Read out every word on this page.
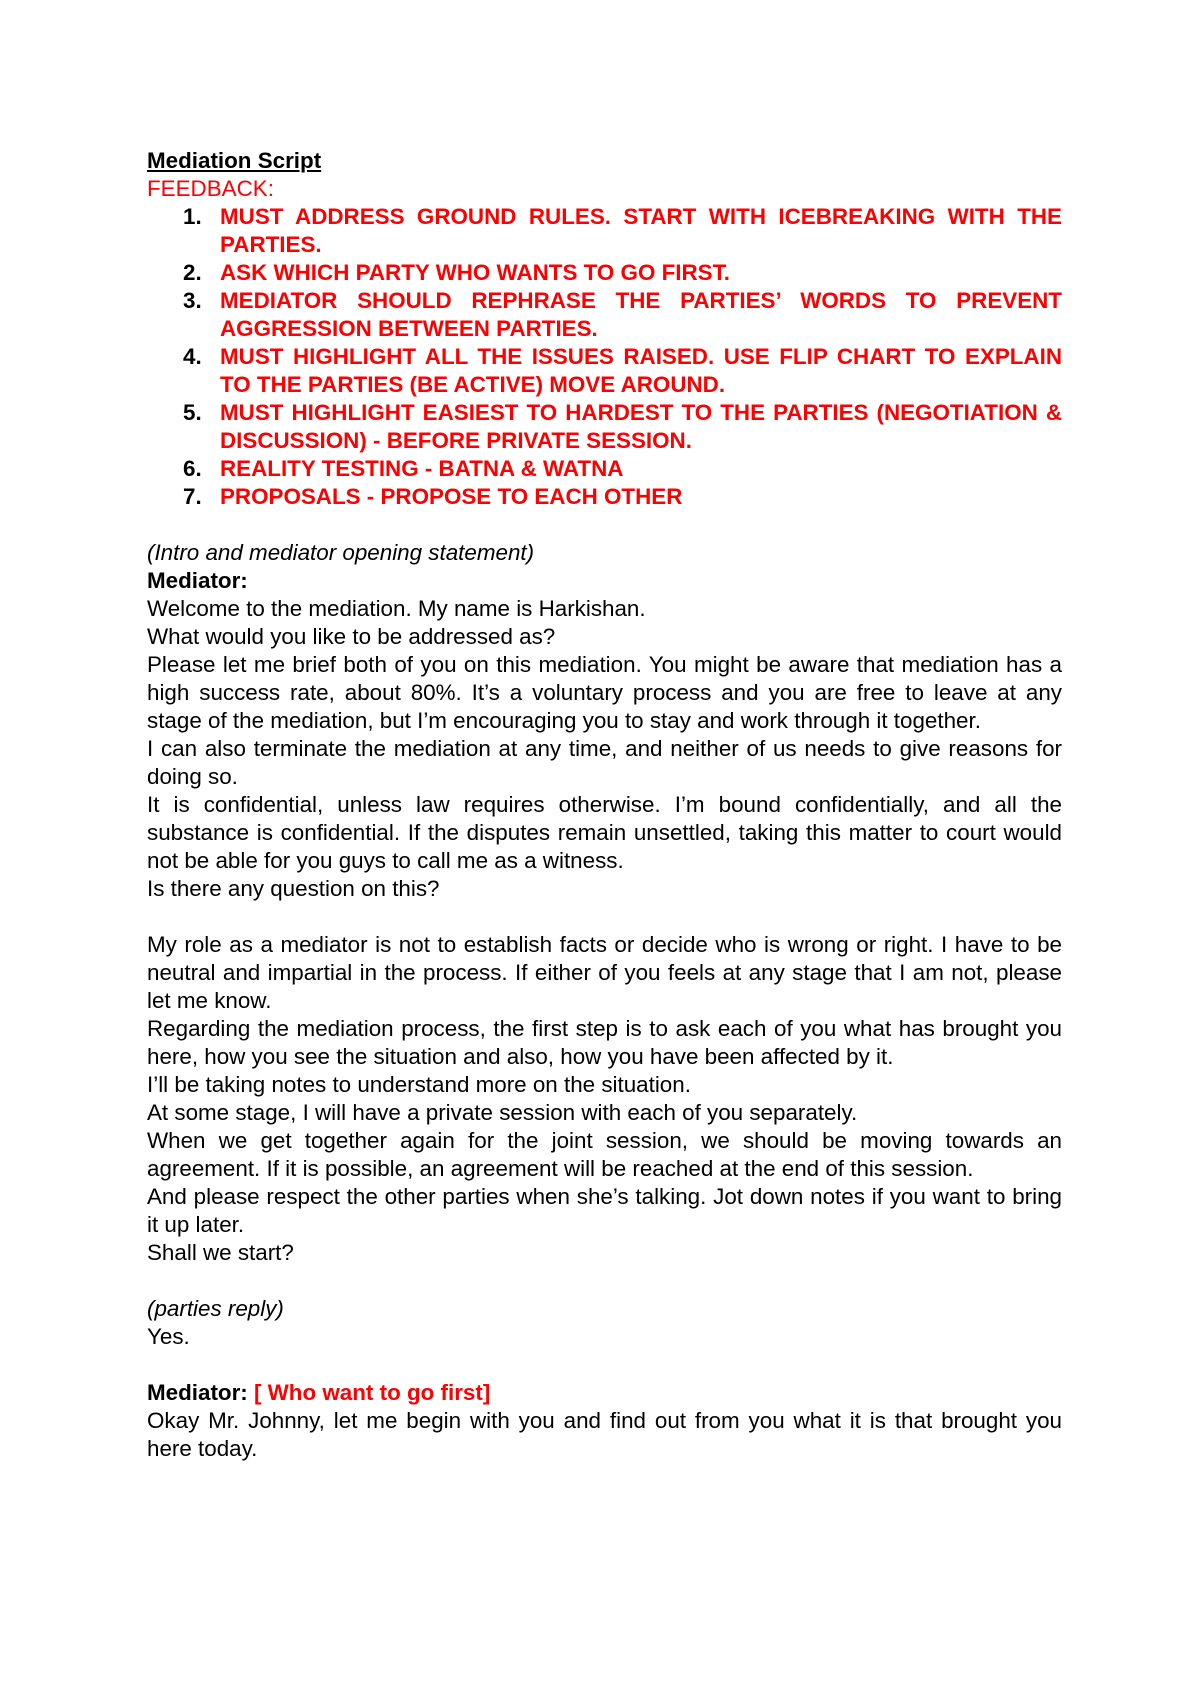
Mediation Script
FEEDBACK:
1. MUST ADDRESS GROUND RULES. START WITH ICEBREAKING WITH THE PARTIES.
2. ASK WHICH PARTY WHO WANTS TO GO FIRST.
3. MEDIATOR SHOULD REPHRASE THE PARTIES’ WORDS TO PREVENT AGGRESSION BETWEEN PARTIES.
4. MUST HIGHLIGHT ALL THE ISSUES RAISED. USE FLIP CHART TO EXPLAIN TO THE PARTIES (BE ACTIVE) MOVE AROUND.
5. MUST HIGHLIGHT EASIEST TO HARDEST TO THE PARTIES (NEGOTIATION & DISCUSSION) - BEFORE PRIVATE SESSION.
6. REALITY TESTING - BATNA & WATNA
7. PROPOSALS - PROPOSE TO EACH OTHER
(Intro and mediator opening statement)
Mediator:

Welcome to the mediation. My name is Harkishan.

What would you like to be addressed as?

Please let me brief both of you on this mediation. You might be aware that mediation has a high success rate, about 80%. It’s a voluntary process and you are free to leave at any stage of the mediation, but I’m encouraging you to stay and work through it together.

I can also terminate the mediation at any time, and neither of us needs to give reasons for doing so.

It is confidential, unless law requires otherwise. I’m bound confidentially, and all the substance is confidential. If the disputes remain unsettled, taking this matter to court would not be able for you guys to call me as a witness.

Is there any question on this?

My role as a mediator is not to establish facts or decide who is wrong or right. I have to be neutral and impartial in the process. If either of you feels at any stage that I am not, please let me know.

Regarding the mediation process, the first step is to ask each of you what has brought you here, how you see the situation and also, how you have been affected by it.

I’ll be taking notes to understand more on the situation.

At some stage, I will have a private session with each of you separately.

When we get together again for the joint session, we should be moving towards an agreement. If it is possible, an agreement will be reached at the end of this session.

And please respect the other parties when she’s talking. Jot down notes if you want to bring it up later.

Shall we start?

(parties reply)
Yes.
Mediator: [ Who want to go first]

Okay Mr. Johnny, let me begin with you and find out from you what it is that brought you here today.
